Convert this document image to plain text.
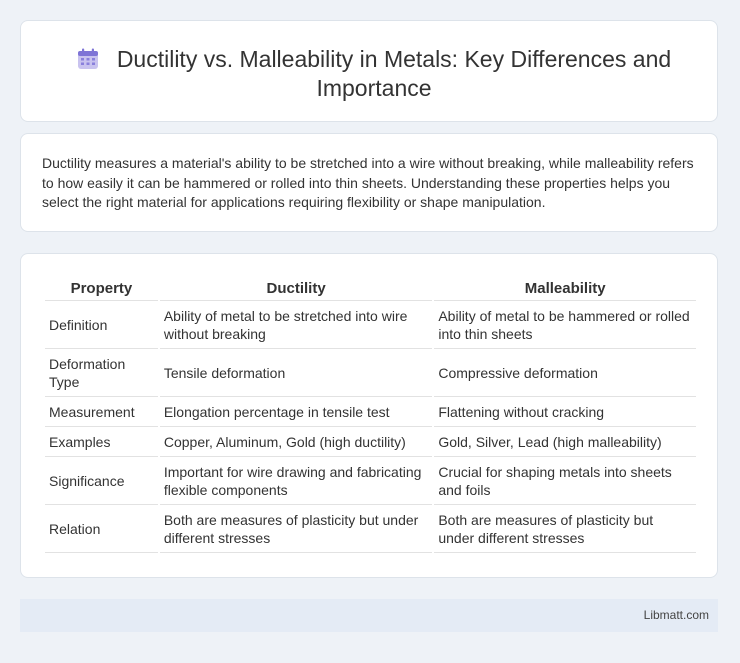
Ductility vs. Malleability in Metals: Key Differences and Importance
Ductility measures a material's ability to be stretched into a wire without breaking, while malleability refers to how easily it can be hammered or rolled into thin sheets. Understanding these properties helps you select the right material for applications requiring flexibility or shape manipulation.
Property	Ductility	Malleability
Definition	Ability of metal to be stretched into wire without breaking	Ability of metal to be hammered or rolled into thin sheets
Deformation Type	Tensile deformation	Compressive deformation
Measurement	Elongation percentage in tensile test	Flattening without cracking
Examples	Copper, Aluminum, Gold (high ductility)	Gold, Silver, Lead (high malleability)
Significance	Important for wire drawing and fabricating flexible components	Crucial for shaping metals into sheets and foils
Relation	Both are measures of plasticity but under different stresses	Both are measures of plasticity but under different stresses
Libmatt.com
